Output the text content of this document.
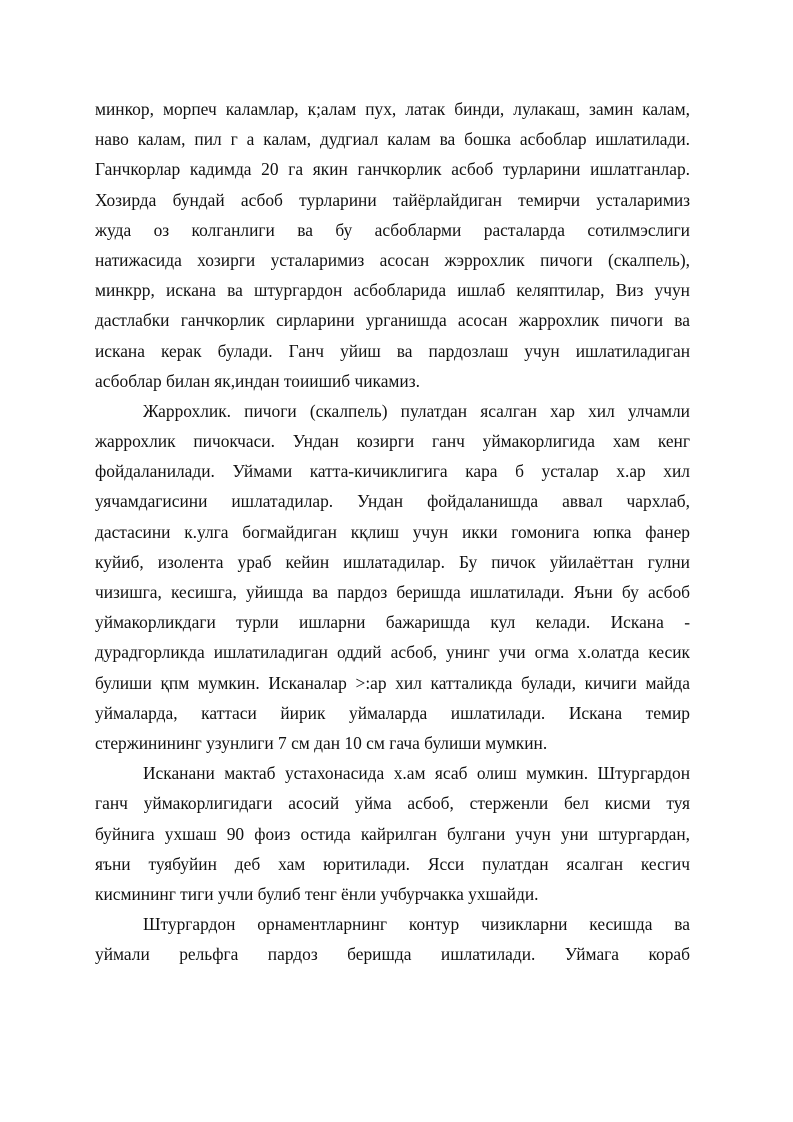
минкор, морпеч каламлар, к;алам пух, латак бинди, лулакаш, замин калам,
наво калам, пил г а калам, дудгиал калам ва бошка асбоблар ишлатилади.
Ганчкорлар кадимда 20 га якин ганчкорлик асбоб турларини ишлатганлар.
Хозирда бундай асбоб турларини тайёрлайдиган темирчи усталаримиз
жуда оз колганлиги ва бу асбобларми расталарда сотилмэслиги
натижасида хозирги усталаримиз асосан жэррохлик пичоги (скалпель),
минкрр, искана ва штургардон асбобларида ишлаб келяптилар, Виз учун
дастлабки ганчкорлик сирларини урганишда асосан жаррохлик пичоги ва
искана керак булади. Ганч уйиш ва пардозлаш учун ишлатиладиган
асбоблар билан як,индан тоиишиб чикамиз.
Жаррохлик. пичоги (скалпель) пулатдан ясалган хар хил улчамли
жаррохлик пичокчаси. Ундан козирги ганч уймакорлигида хам кенг
фойдаланилади. Уймами катта-кичиклигига кара б усталар х.ар хил
уячамдагисини ишлатадилар. Ундан фойдаланишда аввал чархлаб,
дастасини к.улга богмайдиган кқлиш учун икки гомонига юпка фанер
куйиб, изолента ураб кейин ишлатадилар. Бу пичок уйилаёттан гулни
чизишга, кесишга, уйишда ва пардоз беришда ишлатилади. Яъни бу асбоб
уймакорликдаги турли ишларни бажаришда кул келади. Искана -
дурадгорликда ишлатиладиган оддий асбоб, унинг учи огма х.олатда кесик
булиши қпм мумкин. Исканалар >:ар хил катталикда булади, кичиги майда
уймаларда, каттаси йирик уймаларда ишлатилади. Искана темир
стержинининг узунлиги 7 см дан 10 см гача булиши мумкин.
Исканани мактаб устахонасида х.ам ясаб олиш мумкин. Штургардон
ганч уймакорлигидаги асосий уйма асбоб, стерженли бел кисми туя
буйнига ухшаш 90 фоиз остида кайрилган булгани учун уни штургардан,
яъни туябуйин деб хам юритилади. Ясси пулатдан ясалган кесгич
кисмининг тиги учли булиб тенг ёнли учбурчакка ухшайди.
Штургардон орнаментларнинг контур чизикларни кесишда ва
уймали рельфга пардоз беришда ишлатилади. Уймага кораб
